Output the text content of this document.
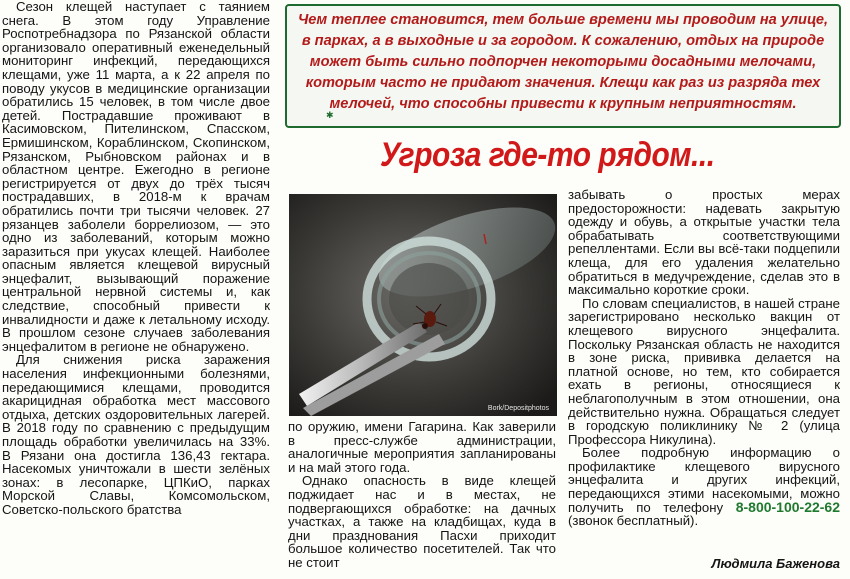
Сезон клещей наступает с таянием снега. В этом году Управление Роспотребнадзора по Рязанской области организовало оперативный еженедельный мониторинг инфекций, передающихся клещами, уже 11 марта, а к 22 апреля по поводу укусов в медицинские организации обратились 15 человек, в том числе двое детей. Пострадавшие проживают в Касимовском, Пителинском, Спасском, Ермишинском, Кораблинском, Скопинском, Рязанском, Рыбновском районах и в областном центре. Ежегодно в регионе регистрируется от двух до трёх тысяч пострадавших, в 2018-м к врачам обратились почти три тысячи человек. 27 рязанцев заболели боррелиозом, — это одно из заболеваний, которым можно заразиться при укусах клещей. Наиболее опасным является клещевой вирусный энцефалит, вызывающий поражение центральной нервной системы и, как следствие, способный привести к инвалидности и даже к летальному исходу. В прошлом сезоне случаев заболевания энцефалитом в регионе не обнаружено.

Для снижения риска заражения населения инфекционными болезнями, передающимися клещами, проводится акарицидная обработка мест массового отдыха, детских оздоровительных лагерей. В 2018 году по сравнению с предыдущим площадь обработки увеличилась на 33%. В Рязани она достигла 136,43 гектара. Насекомых уничтожали в шести зелёных зонах: в лесопарке, ЦПКиО, парках Морской Славы, Комсомольском, Советско-польского братства

Чем теплее становится, тем больше времени мы проводим на улице, в парках, а в выходные и за городом. К сожалению, отдых на природе может быть сильно подпорчен некоторыми досадными мелочами, которым часто не придают значения. Клещи как раз из разряда тех мелочей, что способны привести к крупным неприятностям.

✱
Угроза где-то рядом...
Bork/Depositphotos

по оружию, имени Гагарина. Как заверили в пресс-службе администрации, аналогичные мероприятия запланированы и на май этого года.

Однако опасность в виде клещей поджидает нас и в местах, не подвергающихся обработке: на дачных участках, а также на кладбищах, куда в дни празднования Пасхи приходит большое количество посетителей. Так что не стоит

забывать о простых мерах предосторожности: надевать закрытую одежду и обувь, а открытые участки тела обрабатывать соответствующими репеллентами. Если вы всё-таки подцепили клеща, для его удаления желательно обратиться в медучреждение, сделав это в максимально короткие сроки.

По словам специалистов, в нашей стране зарегистрировано несколько вакцин от клещевого вирусного энцефалита. Поскольку Рязанская область не находится в зоне риска, прививка делается на платной основе, но тем, кто собирается ехать в регионы, относящиеся к неблагополучным в этом отношении, она действительно нужна. Обращаться следует в городскую поликлинику № 2 (улица Профессора Никулина).

Более подробную информацию о профилактике клещевого вирусного энцефалита и других инфекций, передающихся этими насекомыми, можно получить по телефону 8-800-100-22-62 (звонок бесплатный).

Людмила Баженова
